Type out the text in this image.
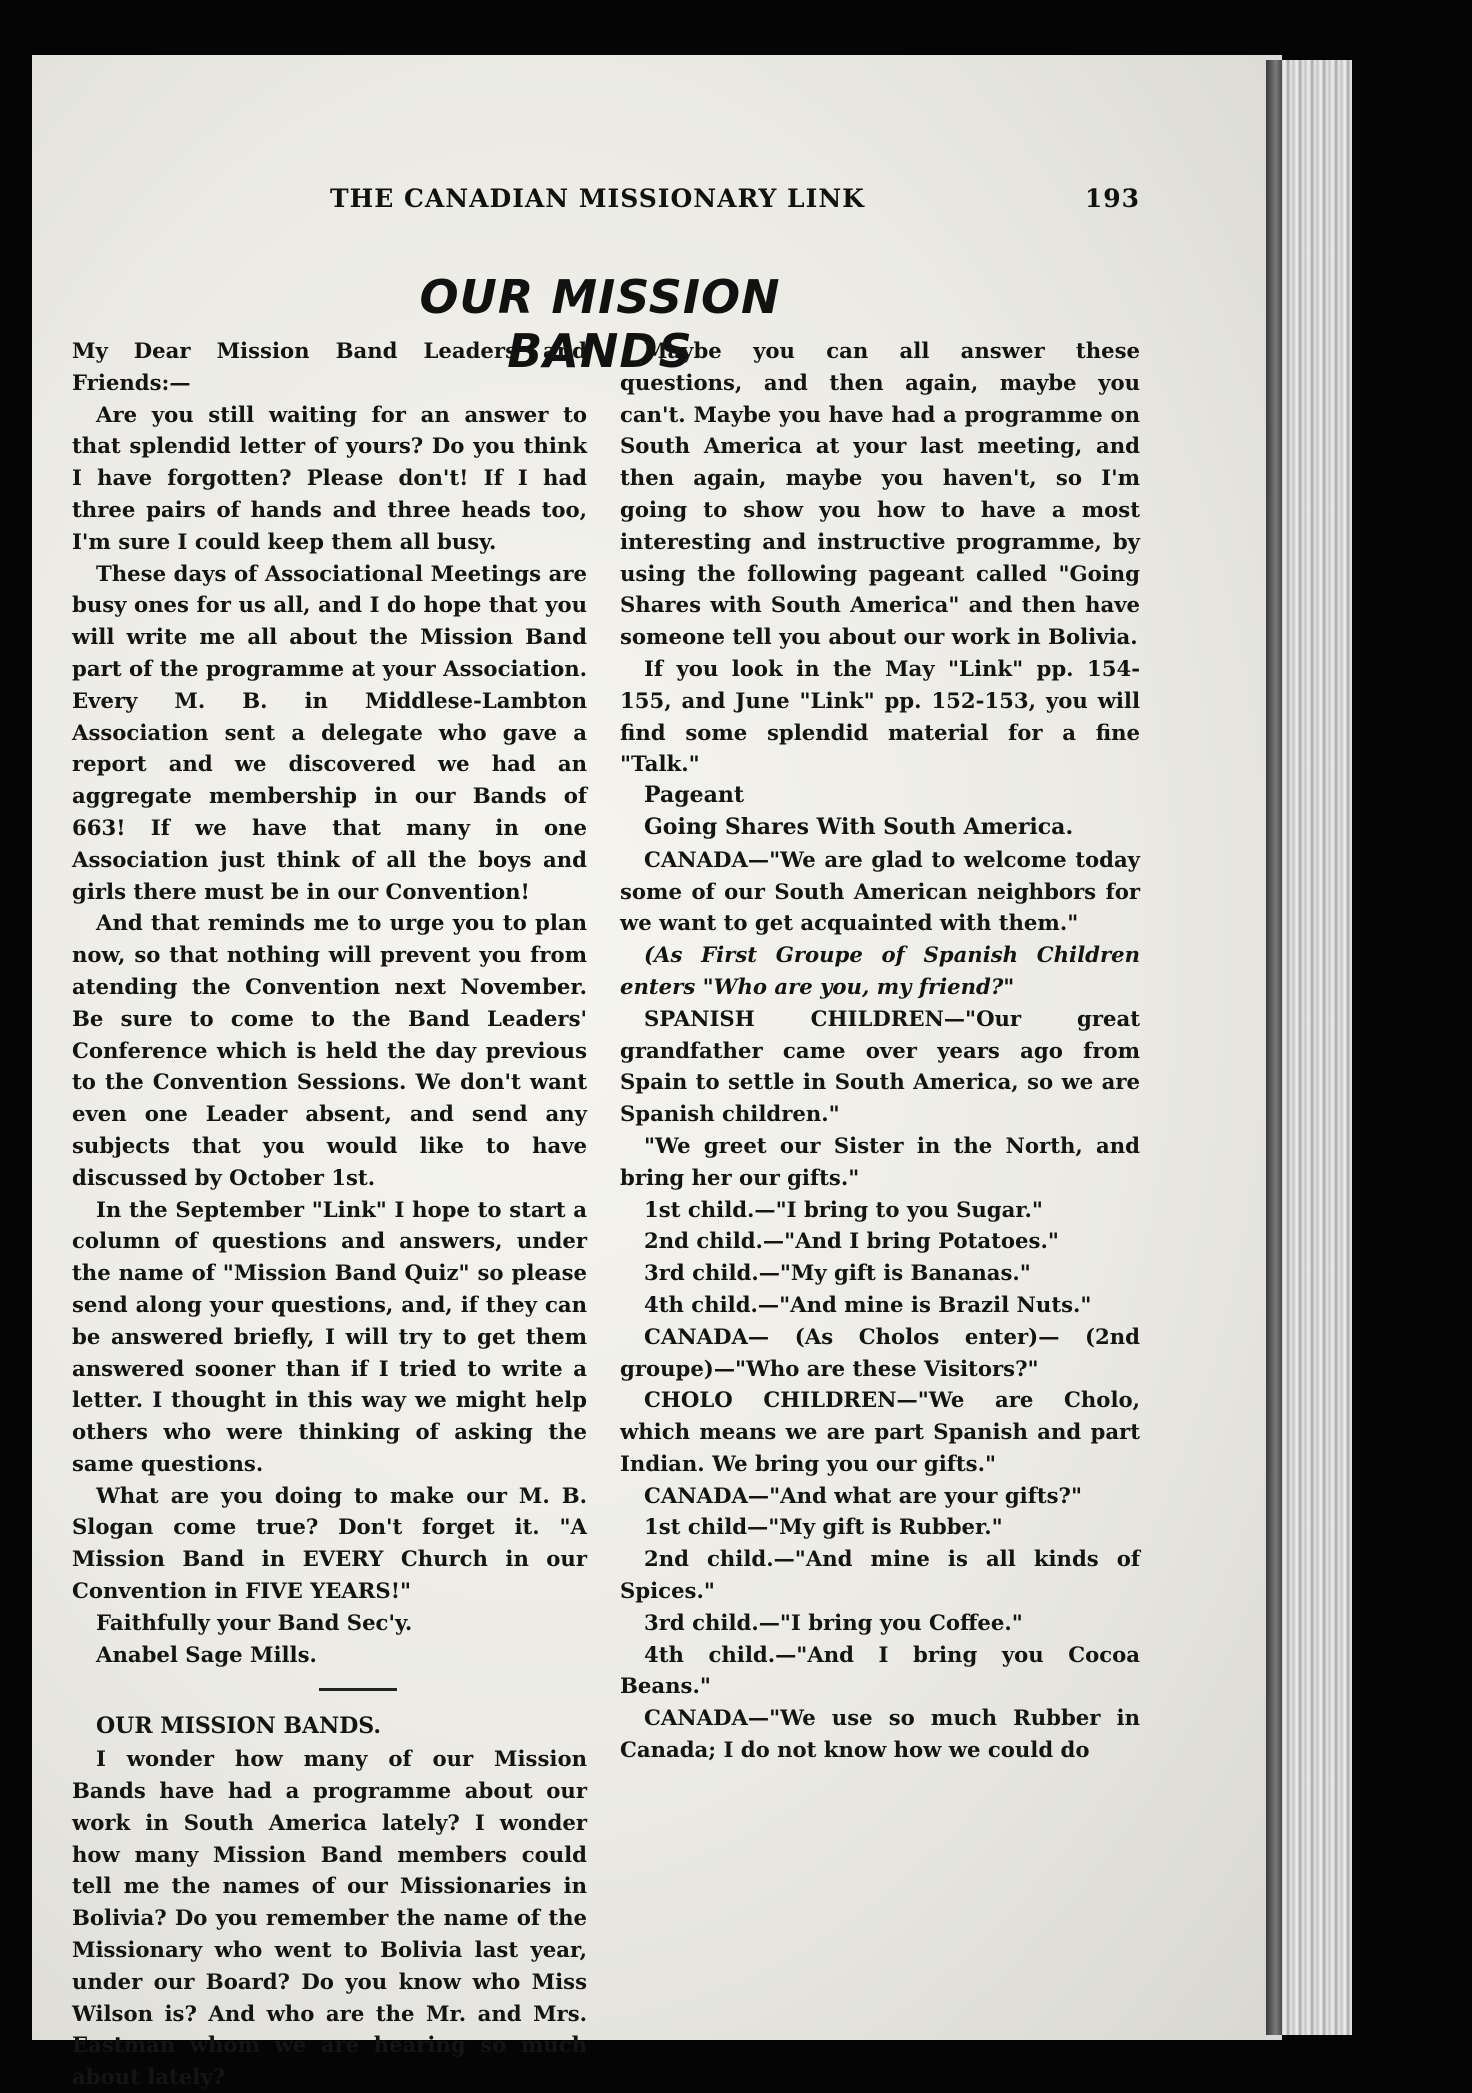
THE CANADIAN MISSIONARY LINK	193
OUR MISSION BANDS

My Dear Mission Band Leaders and Friends:—

Are you still waiting for an answer to that splendid letter of yours? Do you think I have forgotten? Please don't! If I had three pairs of hands and three heads too, I'm sure I could keep them all busy.

These days of Associational Meetings are busy ones for us all, and I do hope that you will write me all about the Mission Band part of the programme at your Association. Every M. B. in Middlese-Lambton Association sent a delegate who gave a report and we discovered we had an aggregate membership in our Bands of 663! If we have that many in one Association just think of all the boys and girls there must be in our Convention!

And that reminds me to urge you to plan now, so that nothing will prevent you from atending the Convention next November. Be sure to come to the Band Leaders' Conference which is held the day previous to the Convention Sessions. We don't want even one Leader absent, and send any subjects that you would like to have discussed by October 1st.

In the September "Link" I hope to start a column of questions and answers, under the name of "Mission Band Quiz" so please send along your questions, and, if they can be answered briefly, I will try to get them answered sooner than if I tried to write a letter. I thought in this way we might help others who were thinking of asking the same questions.

What are you doing to make our M. B. Slogan come true? Don't forget it. "A Mission Band in EVERY Church in our Convention in FIVE YEARS!"

Faithfully your Band Sec'y.

Anabel Sage Mills.

OUR MISSION BANDS.

I wonder how many of our Mission Bands have had a programme about our work in South America lately? I wonder how many Mission Band members could tell me the names of our Missionaries in Bolivia? Do you remember the name of the Missionary who went to Bolivia last year, under our Board? Do you know who Miss Wilson is? And who are the Mr. and Mrs. Eastman whom we are hearing so much about lately?

Maybe you can all answer these questions, and then again, maybe you can't. Maybe you have had a programme on South America at your last meeting, and then again, maybe you haven't, so I'm going to show you how to have a most interesting and instructive programme, by using the following pageant called "Going Shares with South America" and then have someone tell you about our work in Bolivia.

If you look in the May "Link" pp. 154-155, and June "Link" pp. 152-153, you will find some splendid material for a fine "Talk."

Pageant

Going Shares With South America.

CANADA—"We are glad to welcome today some of our South American neighbors for we want to get acquainted with them."

(As First Groupe of Spanish Children enters "Who are you, my friend?"

SPANISH CHILDREN—"Our great grandfather came over years ago from Spain to settle in South America, so we are Spanish children."

"We greet our Sister in the North, and bring her our gifts."

1st child.—"I bring to you Sugar."

2nd child.—"And I bring Potatoes."

3rd child.—"My gift is Bananas."

4th child.—"And mine is Brazil Nuts."

CANADA— (As Cholos enter)— (2nd groupe)—"Who are these Visitors?"

CHOLO CHILDREN—"We are Cholo, which means we are part Spanish and part Indian. We bring you our gifts."

CANADA—"And what are your gifts?"

1st child—"My gift is Rubber."

2nd child.—"And mine is all kinds of Spices."

3rd child.—"I bring you Coffee."

4th child.—"And I bring you Cocoa Beans."

CANADA—"We use so much Rubber in Canada; I do not know how we could do
